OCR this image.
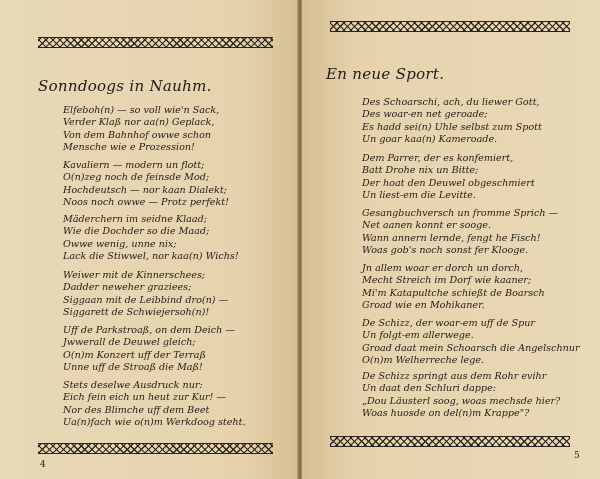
Sonndoogs in Nauhm.
Elfeboh(n) — so voll wie'n Sack,
Verder Klaß nor aa(n) Geplack,
Von dem Bahnhof owwe schon
Mensche wie e Prozession!
Kavaliern — modern un flott;
O(n)zeg noch de feinsde Mod;
Hochdeutsch — nor kaan Dialekt;
Noos noch owwe — Protz perfekt!
Mäderchern im seidne Klaad;
Wie die Dochder so die Maad;
Owwe wenig, unne nix;
Lack die Stiwwel, nor kaa(n) Wichs!
Weiwer mit de Kinnerschees;
Dadder neweher graziees;
Siggaan mit de Leibbind dro(n) —
Siggarett de Schwiejersoh(n)!
Uff de Parkstroaß, on dem Deich —
Jwwerall de Deuwel gleich;
O(n)m Konzert uff der Terraß
Unne uff de Stroaß die Maß!
Stets deselwe Ausdruck nur:
Eich fein eich un heut zur Kur! —
Nor des Blimche uff dem Beet
Ua(n)fach wie o(n)m Werkdoog steht.
4
En neue Sport.
Des Schoarschi, ach, du liewer Gott,
Des woar-en net geroade;
Es hadd sei(n) Uhle selbst zum Spott
Un goar kaa(n) Kameroade.
Dem Parrer, der es konfemiert,
Batt Drohe nix un Bitte;
Der hoat den Deuwel obgeschmiert
Un liest-em die Levitte.
Gesangbuchversch un fromme Sprich —
Net aanen konnt er sooge.
Wann annern lernde, fengt he Fisch!
Woas gob's noch sonst fer Klooge.
Jn allem woar er dorch un dorch,
Mecht Streich im Dorf wie kaaner;
Mi'm Katapultche schießt de Boarsch
Groad wie en Mohikaner.
De Schizz, der woar-em uff de Spur
Un folgt-em allerwege.
Groad daat mein Schoarsch die Angelschnur
O(n)m Welherreche lege.
De Schizz springt aus dem Rohr evihr
Un daat den Schluri dappe:
„Dou Läusterl soog, woas mechsde hier?
Woas huosde on del(n)m Krappe"?
5
